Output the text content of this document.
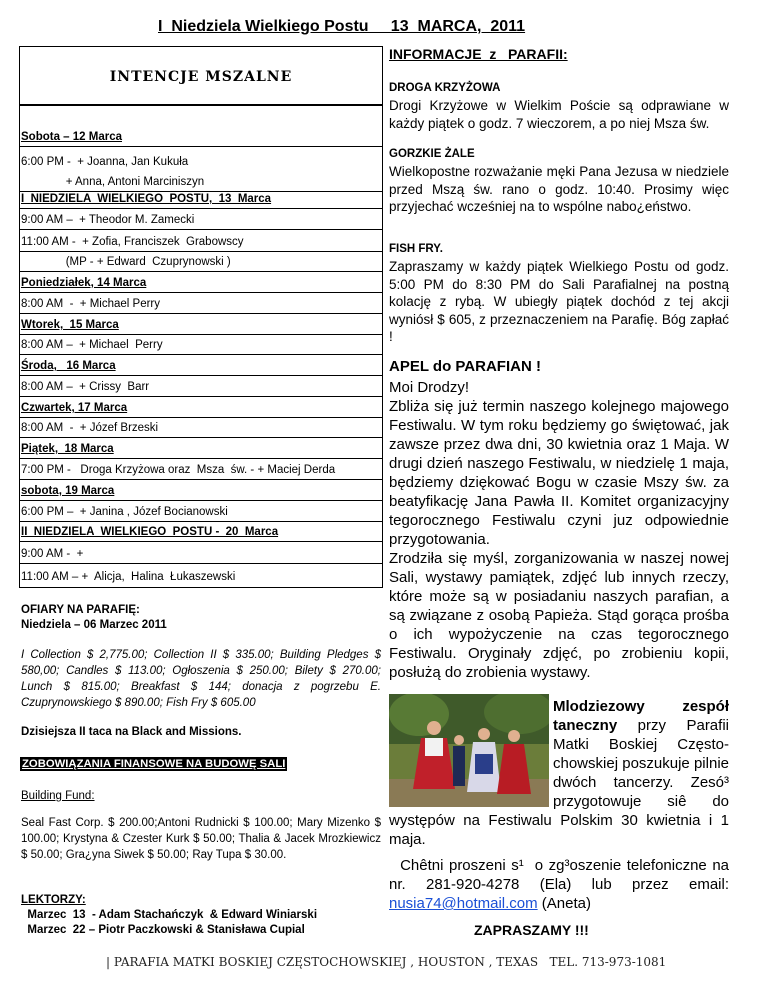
I  Niedziela Wielkiego Postu     13  MARCA,  2011
INTENCJE MSZALNE
Sobota – 12 Marca
6:00 PM -  + Joanna, Jan Kukuła
+ Anna, Antoni Marciniszyn
I  NIEDZIELA  WIELKIEGO  POSTU,  13  Marca
9:00 AM –  + Theodor M. Zamecki
11:00 AM -  + Zofia, Franciszek  Grabowscy
(MP - + Edward  Czuprynowski )
Poniedziałek, 14 Marca
8:00 AM  -  + Michael Perry
Wtorek,  15 Marca
8:00 AM –  + Michael  Perry
Środa,   16 Marca
8:00 AM –  + Crissy  Barr
Czwartek, 17 Marca
8:00 AM  -  + Józef Brzeski
Piątek,  18 Marca
7:00 PM -   Droga Krzyżowa oraz  Msza  św. - + Maciej Derda
sobota, 19 Marca
6:00 PM –  + Janina , Józef Bocianowski
II  NIEDZIELA  WIELKIEGO  POSTU -  20  Marca
9:00 AM -  +
11:00 AM – +  Alicja,  Halina  Łukaszewski

OFIARY NA PARAFIĘ:

Niedziela – 06 Marzec 2011

I Collection $ 2,775.00; Collection II $ 335.00; Building Pledges $ 580,00; Candles $ 113.00; Ogłoszenia $ 250.00; Bilety $ 270.00; Lunch $ 815.00; Breakfast $ 144; donacja z pogrzebu E. Czuprynowskiego $ 890.00; Fish Fry $ 605.00
Dzisiejsza II taca na Black and Missions.
ZOBOWIĄZANIA FINANSOWE NA BUDOWĘ SALI
Building Fund:
Seal Fast Corp. $ 200.00;Antoni Rudnicki $ 100.00; Mary Mizenko $ 100.00; Krystyna & Czester Kurk $ 50.00; Thalia & Jacek Mrozkiewicz $ 50.00; Gra¿yna Siwek $ 50.00; Ray Tupa $ 30.00.
LEKTORZY:
Marzec  13  - Adam Stachańczyk  & Edward Winiarski
Marzec  22 – Piotr Paczkowski & Stanisława Cupial
INFORMACJE  z   PARAFII:
DROGA KRZYŻOWA
Drogi Krzyżowe w Wielkim Poście są odprawiane w każdy piątek o godz. 7 wieczorem, a po niej Msza św.
GORZKIE ŻALE
Wielkopostne rozważanie męki Pana Jezusa w niedziele przed Mszą św. rano o godz. 10:40. Prosimy więc przyjechać wcześniej na to wspólne nabo¿eństwo.
FISH FRY.
Zapraszamy w każdy piątek Wielkiego Postu od godz. 5:00 PM do 8:30 PM do Sali Parafialnej na postną kolację z rybą. W ubiegły piątek dochód z tej akcji wyniósł $ 605, z przeznaczeniem na Parafię. Bóg zapłać !
APEL do PARAFIAN !
Moi Drodzy!
Zbliża się już termin naszego kolejnego majowego Festiwalu. W tym roku będziemy go świętować, jak zawsze przez dwa dni, 30 kwietnia oraz 1 Maja. W drugi dzień naszego Festiwalu, w niedzielę 1 maja, będziemy dziękować Bogu w czasie Mszy św. za beatyfikację Jana Pawła II. Komitet organizacyjny tegorocznego Festiwalu czyni juz odpowiednie przygotowania.
Zrodziła się myśl, zorganizowania w naszej nowej Sali, wystawy pamiątek, zdjęć lub innych rzeczy, które może są w posiadaniu naszych parafian, a są związane z osobą Papieża. Stąd gorąca prośba o ich wypożyczenie na czas tegorocznego Festiwalu. Oryginały zdjęć, po zrobieniu kopii, posłużą do zrobienia wystawy.
Mlodziezowy zespół taneczny przy Parafii Matki Boskiej Często-chowskiej poszukuje pilnie dwóch tancerzy. Zesó³ przygotowuje siê do występów na Festiwalu Polskim 30 kwietnia i 1 maja.
Chêtni proszeni s¹  o zg³oszenie telefoniczne na nr.  281-920-4278  (Ela)  lub  przez  email: nusia74@hotmail.com (Aneta)
ZAPRASZAMY !!!
| PARAFIA MATKI BOSKIEJ CZĘSTOCHOWSKIEJ , HOUSTON , TEXAS   TEL. 713-973-1081
